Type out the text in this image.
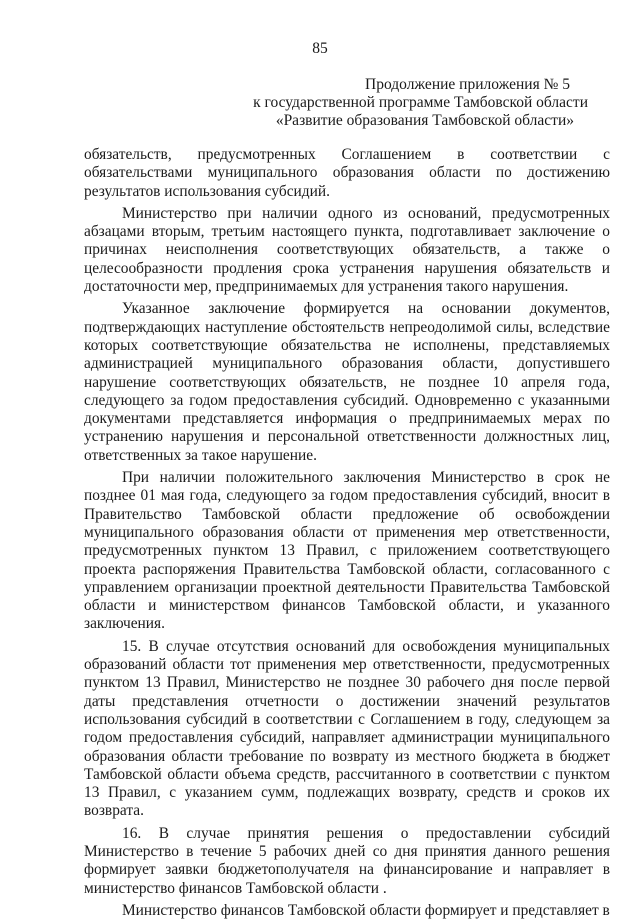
85
Продолжение приложения № 5
к государственной программе Тамбовской области
«Развитие образования Тамбовской области»

обязательств, предусмотренных Соглашением в соответствии с обязательствами муниципального образования области по достижению результатов использования субсидий.

Министерство при наличии одного из оснований, предусмотренных абзацами вторым, третьим настоящего пункта, подготавливает заключение о причинах неисполнения соответствующих обязательств, а также о целесообразности продления срока устранения нарушения обязательств и достаточности мер, предпринимаемых для устранения такого нарушения.

Указанное заключение формируется на основании документов, подтверждающих наступление обстоятельств непреодолимой силы, вследствие которых соответствующие обязательства не исполнены, представляемых администрацией муниципального образования области, допустившего нарушение соответствующих обязательств, не позднее 10 апреля года, следующего за годом предоставления субсидий. Одновременно с указанными документами представляется информация о предпринимаемых мерах по устранению нарушения и персональной ответственности должностных лиц, ответственных за такое нарушение.

При наличии положительного заключения Министерство в срок не позднее 01 мая года, следующего за годом предоставления субсидий, вносит в Правительство Тамбовской области предложение об освобождении муниципального образования области от применения мер ответственности, предусмотренных пунктом 13 Правил, с приложением соответствующего проекта распоряжения Правительства Тамбовской области, согласованного с управлением организации проектной деятельности Правительства Тамбовской области и министерством финансов Тамбовской области, и указанного заключения.

15. В случае отсутствия оснований для освобождения муниципальных образований области тот применения мер ответственности, предусмотренных пунктом 13 Правил, Министерство не позднее 30 рабочего дня после первой даты представления отчетности о достижении значений результатов использования субсидий в соответствии с Соглашением в году, следующем за годом предоставления субсидий, направляет администрации муниципального образования области требование по возврату из местного бюджета в бюджет Тамбовской области объема средств, рассчитанного в соответствии с пунктом 13 Правил, с указанием сумм, подлежащих возврату, средств и сроков их возврата.

16. В случае принятия решения о предоставлении субсидий Министерство в течение 5 рабочих дней со дня принятия данного решения формирует заявки бюджетополучателя на финансирование и направляет в министерство финансов Тамбовской области .

Министерство финансов Тамбовской области формирует и представляет в
